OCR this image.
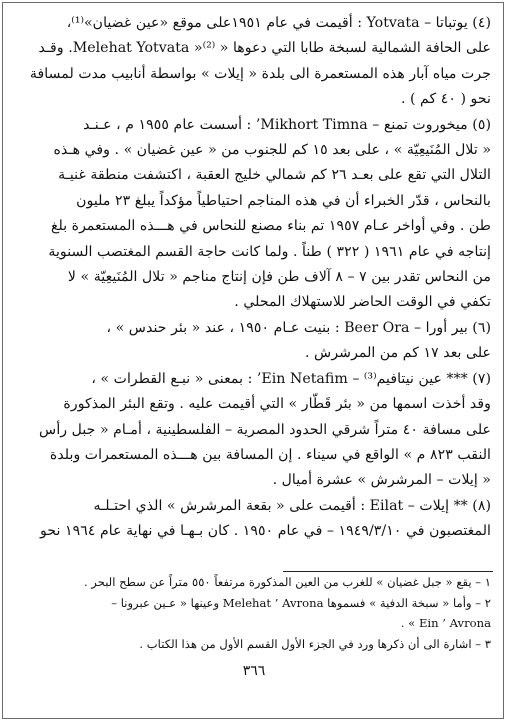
(٤) يوتباتا – Yotvata : أقيمت في عام ١٩٥١على موقع «عين غضيان»⁽¹⁾،
على الحافة الشمالية لسبخة طابا التي دعوها « Melehat Yotvata »⁽²⁾. وقـد
جرت مياه آبار هذه المستعمرة الى بلدة « إيلات » بواسطة أنابيب مدت لمسافة
نحو ( ٤٠ كم ) .
(٥) ميخوروت تمنع – Mikhort Timna’ : أسست عام ١٩٥٥ م ، عـنـد
« تلال المُنَيعِيّة » ، على بعد ١٥ كم للجنوب من « عين غضيان » . وفي هـذه
التلال التي تقع على بعـد ٢٦ كم شمالي خليج العقبة ، اكتشفت منطقة غنيـة
بالنحاس ، قدّر الخبراء أن في هذه المناجم احتياطياً مؤكداً يبلغ ٢٣ مليون
طن . وفي أواخر عـام ١٩٥٧ تم بناء مصنع للنحاس في هـــذه المستعمرة بلغ
إنتاجه في عام ١٩٦١ ( ٣٢٢ ) طناً . ولما كانت حاجة القسم المغتصب السنوية
من النحاس تقدر بين ٧ – ٨ آلاف طن فإن إنتاج مناجم « تلال المُنَيعِيّة » لا
تكفي في الوقت الحاضر للاستهلاك المحلي .
(٦) بير أورا – Beer Ora : بنيت عـام ١٩٥٠ ، عند « بئر حندس » ،
على بعد ١٧ كم من المرشرش .
(٧) *** عين نيتافيم⁽³⁾ – Ein Netafim’ : بمعنى « نبـع القطرات » ،
وقد أخذت اسمها من « بئر قَطّار » التي أقيمت عليه . وتقع البئر المذكورة
على مسافة ٤٠ متراً شرقي الحدود المصرية – الفلسطينية ، أمـام « جبل رأس
النقب ٨٢٣ م » الواقع في سيناء . إن المسافة بين هـــذه المستعمرات وبلدة
« إيلات – المرشرش » عشرة أميال .
(٨) ** إيلات – Eilat : أقيمت على « بقعة المرشرش » الذي احتـلـه
المغتصبون في ١٩٤٩/٣/١٠ – في عام ١٩٥٠ . كان بـهـا في نهاية عام ١٩٦٤ نحو
١ – يقع « جبل غضيان » للغرب من العين المذكورة مرتفعاً ٥٥٠ متراً عن سطح البحر .
٢ – وأما « سبخة الدفية » فسموها Melehat ’ Avrona وعينها « عـين عبرونا –
Ein ’ Avrona » .
٣ – اشارة الى أن ذكرها ورد في الجزء الأول القسم الأول من هذا الكتاب .
٣٦٦
